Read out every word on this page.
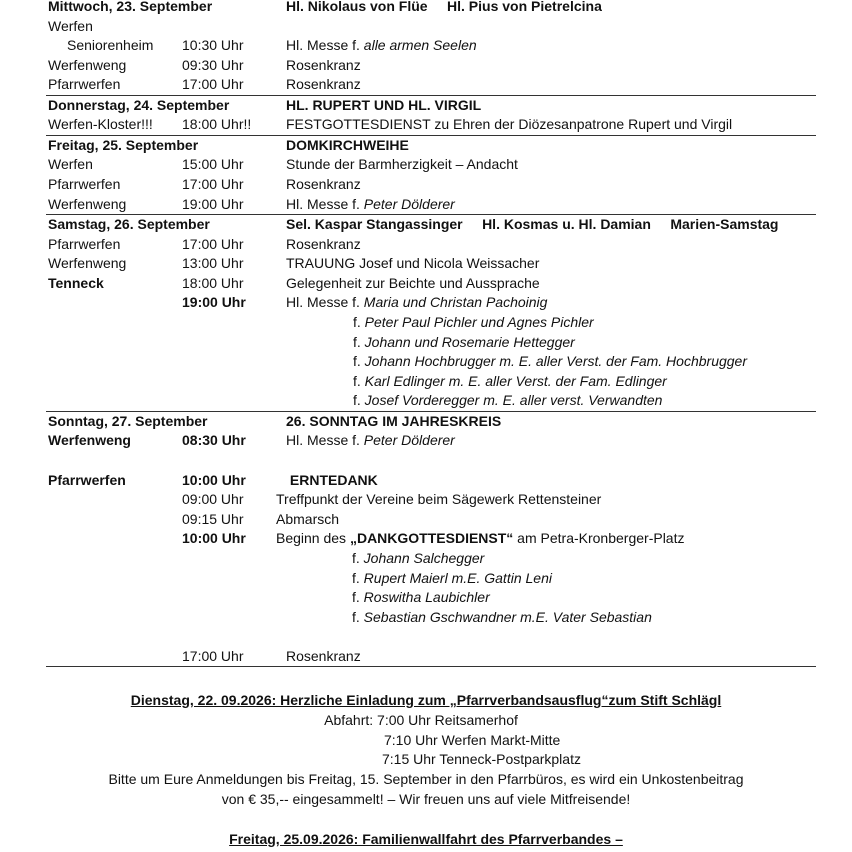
Mittwoch, 23. September	Hl. Nikolaus von Flüe     Hl. Pius von Pietrelcina
Werfen
Seniorenheim 10:30 Uhr	Hl. Messe f. alle armen Seelen
Werfenweng	09:30 Uhr	Rosenkranz
Pfarrwerfen	17:00 Uhr	Rosenkranz
Donnerstag, 24. September	HL. RUPERT UND HL. VIRGIL
Werfen-Kloster!!! 18:00 Uhr!! FESTGOTTESDIENST zu Ehren der Diözesanpatrone Rupert und Virgil
Freitag, 25. September	DOMKIRCHWEIHE
Werfen	15:00 Uhr	Stunde der Barmherzigkeit – Andacht
Pfarrwerfen	17:00 Uhr	Rosenkranz
Werfenweng	19:00 Uhr	Hl. Messe f. Peter Dölderer
Samstag, 26. September	Sel. Kaspar Stangassinger     Hl. Kosmas u. Hl. Damian     Marien-Samstag
Pfarrwerfen	17:00 Uhr	Rosenkranz
Werfenweng	13:00 Uhr	TRAUUNG Josef und Nicola Weissacher
Tenneck	18:00 Uhr	Gelegenheit zur Beichte und Aussprache
19:00 Uhr	Hl. Messe f. Maria und Christan Pachoinig
f. Peter Paul Pichler und Agnes Pichler
f. Johann und Rosemarie Hettegger
f. Johann Hochbrugger m. E. aller Verst. der Fam. Hochbrugger
f. Karl Edlinger m. E. aller Verst. der Fam. Edlinger
f. Josef Vorderegger m. E. aller verst. Verwandten
Sonntag, 27. September	26. SONNTAG IM JAHRESKREIS
Werfenweng	08:30 Uhr	Hl. Messe f. Peter Dölderer
Pfarrwerfen	10:00 Uhr	ERNTEDANK
09:00 Uhr Treffpunkt der Vereine beim Sägewerk Rettensteiner
09:15 Uhr Abmarsch
10:00 Uhr Beginn des „DANKGOTTESDIENST“ am Petra-Kronberger-Platz
f. Johann Salchegger
f. Rupert Maierl m.E. Gattin Leni
f. Roswitha Laubichler
f. Sebastian Gschwandner m.E. Vater Sebastian
17:00 Uhr	Rosenkranz
Dienstag, 22. 09.2026: Herzliche Einladung zum „Pfarrverbandsausflug“zum Stift Schlägl
Abfahrt: 7:00 Uhr Reitsamerhof
7:10 Uhr Werfen Markt-Mitte
7:15 Uhr Tenneck-Postparkplatz
Bitte um Eure Anmeldungen bis Freitag, 15. September in den Pfarrbüros, es wird ein Unkostenbeitrag
von € 35,-- eingesammelt! – Wir freuen uns auf viele Mitfreisende!
Freitag, 25.09.2026: Familienwallfahrt des Pfarrverbandes –
